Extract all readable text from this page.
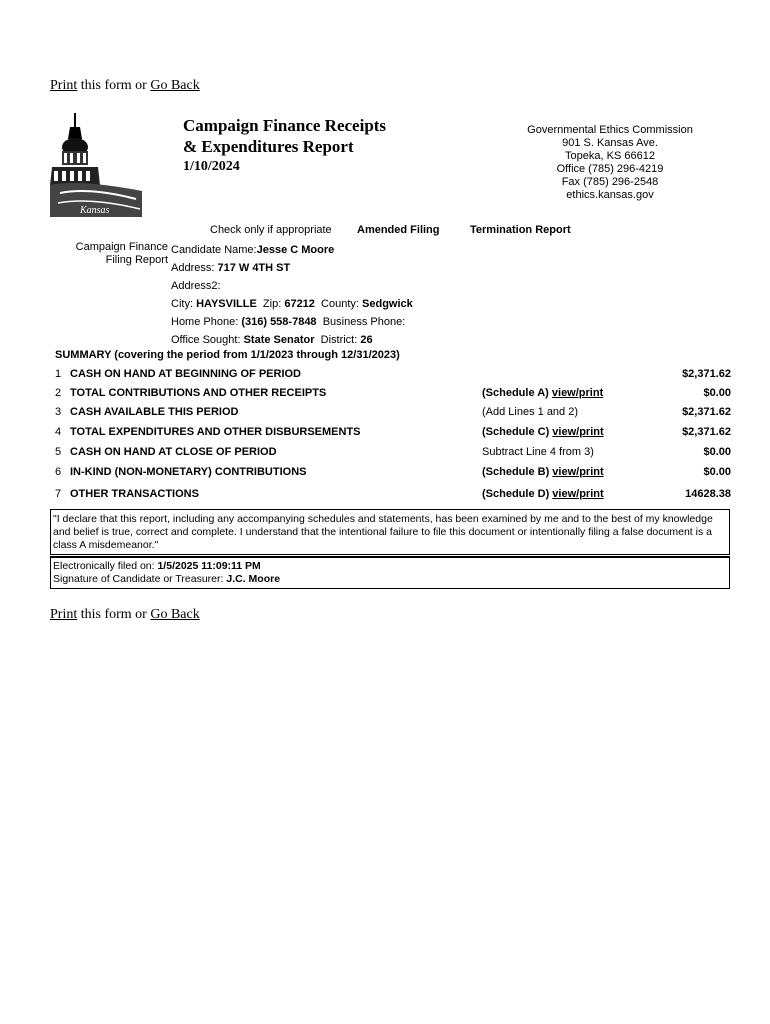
Print this form or Go Back
Kansas
Campaign Finance Receipts
& Expenditures Report
1/10/2024
Governmental Ethics Commission
901 S. Kansas Ave.
Topeka, KS 66612
Office (785) 296-4219
Fax (785) 296-2548
ethics.kansas.gov
Check only if appropriate Amended Filing	Termination Report
Campaign Finance
Filing Report
Candidate Name:Jesse C Moore
Address: 717 W 4TH ST
Address2:
City: HAYSVILLE Zip: 67212 County: Sedgwick
Home Phone: (316) 558-7848 Business Phone:
Office Sought: State Senator District: 26
SUMMARY (covering the period from 1/1/2023 through 12/31/2023)
1 CASH ON HAND AT BEGINNING OF PERIOD	$2,371.62
2 TOTAL CONTRIBUTIONS AND OTHER RECEIPTS	(Schedule A) view/print	$0.00
3 CASH AVAILABLE THIS PERIOD	(Add Lines 1 and 2)	$2,371.62
4 TOTAL EXPENDITURES AND OTHER DISBURSEMENTS	(Schedule C) view/print	$2,371.62
5 CASH ON HAND AT CLOSE OF PERIOD	Subtract Line 4 from 3)	$0.00
6 IN-KIND (NON-MONETARY) CONTRIBUTIONS	(Schedule B) view/print	$0.00
7 OTHER TRANSACTIONS	(Schedule D) view/print	14628.38
"I declare that this report, including any accompanying schedules and statements, has been examined by me and to the best of my knowledge and belief is true, correct and complete. I understand that the intentional failure to file this document or intentionally filing a false document is a class A misdemeanor."
Electronically filed on: 1/5/2025 11:09:11 PM
Signature of Candidate or Treasurer: J.C. Moore
Print this form or Go Back
